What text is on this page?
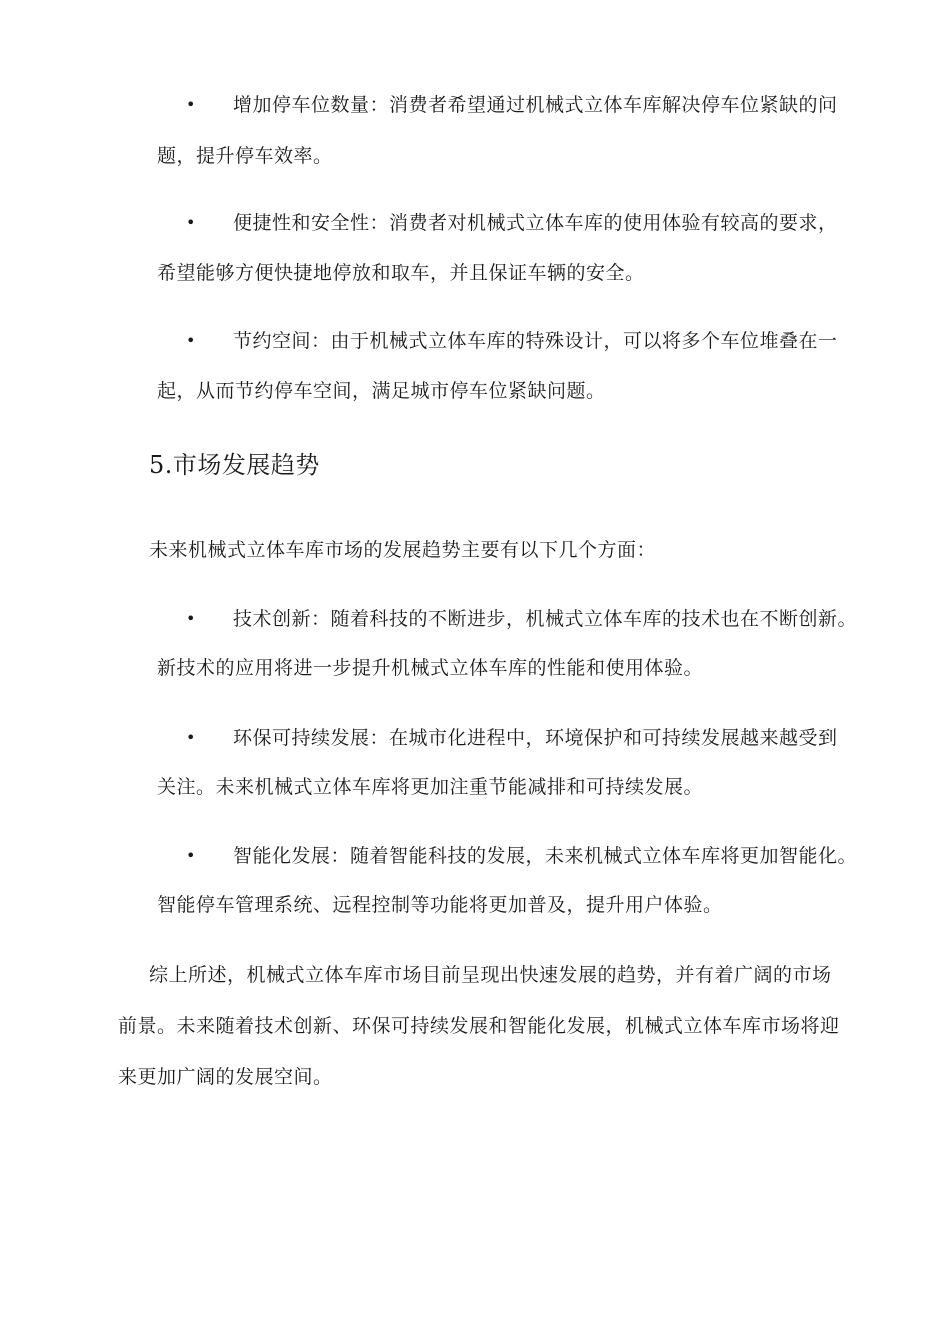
• 增加停车位数量：消费者希望通过机械式立体车库解决停车位紧缺的问
题，提升停车效率。
• 便捷性和安全性：消费者对机械式立体车库的使用体验有较高的要求，
希望能够方便快捷地停放和取车，并且保证车辆的安全。
• 节约空间：由于机械式立体车库的特殊设计，可以将多个车位堆叠在一
起，从而节约停车空间，满足城市停车位紧缺问题。
5.市场发展趋势
未来机械式立体车库市场的发展趋势主要有以下几个方面：
• 技术创新：随着科技的不断进步，机械式立体车库的技术也在不断创新。
新技术的应用将进一步提升机械式立体车库的性能和使用体验。
• 环保可持续发展：在城市化进程中，环境保护和可持续发展越来越受到
关注。未来机械式立体车库将更加注重节能减排和可持续发展。
• 智能化发展：随着智能科技的发展，未来机械式立体车库将更加智能化。
智能停车管理系统、远程控制等功能将更加普及，提升用户体验。
综上所述，机械式立体车库市场目前呈现出快速发展的趋势，并有着广阔的市场
前景。未来随着技术创新、环保可持续发展和智能化发展，机械式立体车库市场将迎
来更加广阔的发展空间。
